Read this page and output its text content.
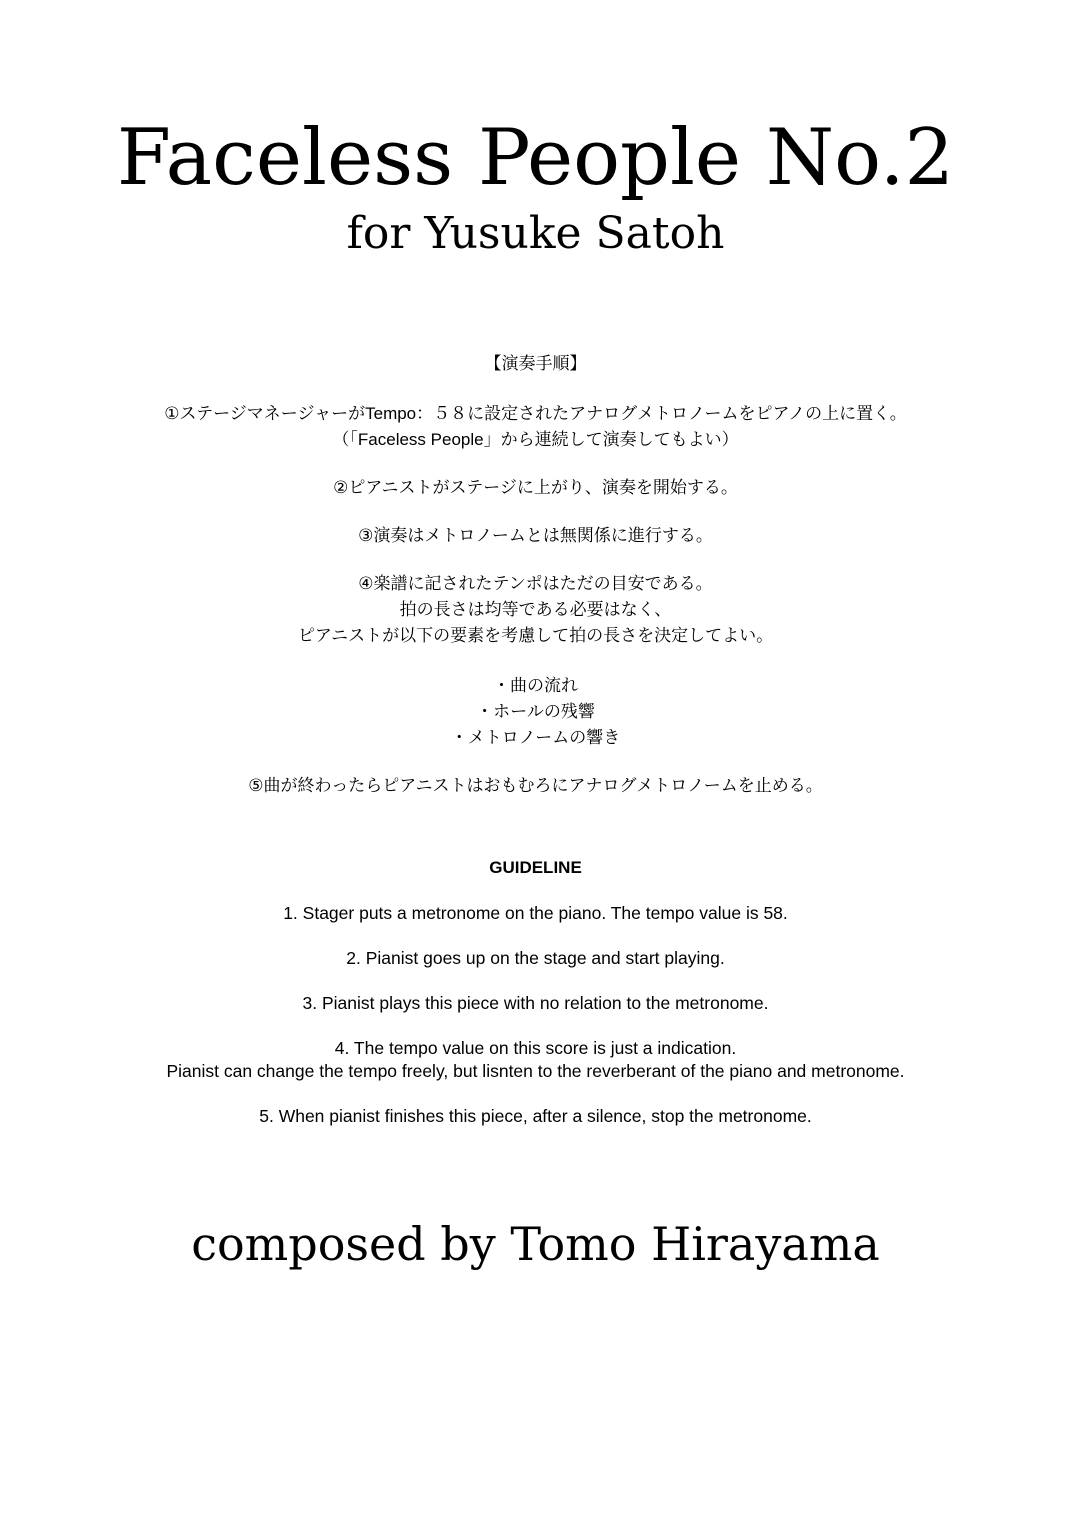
Faceless People No.2
for Yusuke Satoh

【演奏手順】

①ステージマネージャーがTempo：５８に設定されたアナログメトロノームをピアノの上に置く。

（「Faceless People」から連続して演奏してもよい）

②ピアニストがステージに上がり、演奏を開始する。

③演奏はメトロノームとは無関係に進行する。

④楽譜に記されたテンポはただの目安である。

拍の長さは均等である必要はなく、

ピアニストが以下の要素を考慮して拍の長さを決定してよい。

・曲の流れ

・ホールの残響

・メトロノームの響き

⑤曲が終わったらピアニストはおもむろにアナログメトロノームを止める。

GUIDELINE

1. Stager puts a metronome on the piano. The tempo value is 58.

2. Pianist goes up on the stage and start playing.

3. Pianist plays this piece with no relation to the metronome.

4. The tempo value on this score is just a indication.
Pianist can change the tempo freely, but lisnten to the reverberant of the piano and metronome.

5. When pianist finishes this piece, after a silence, stop the metronome.

composed by Tomo Hirayama
